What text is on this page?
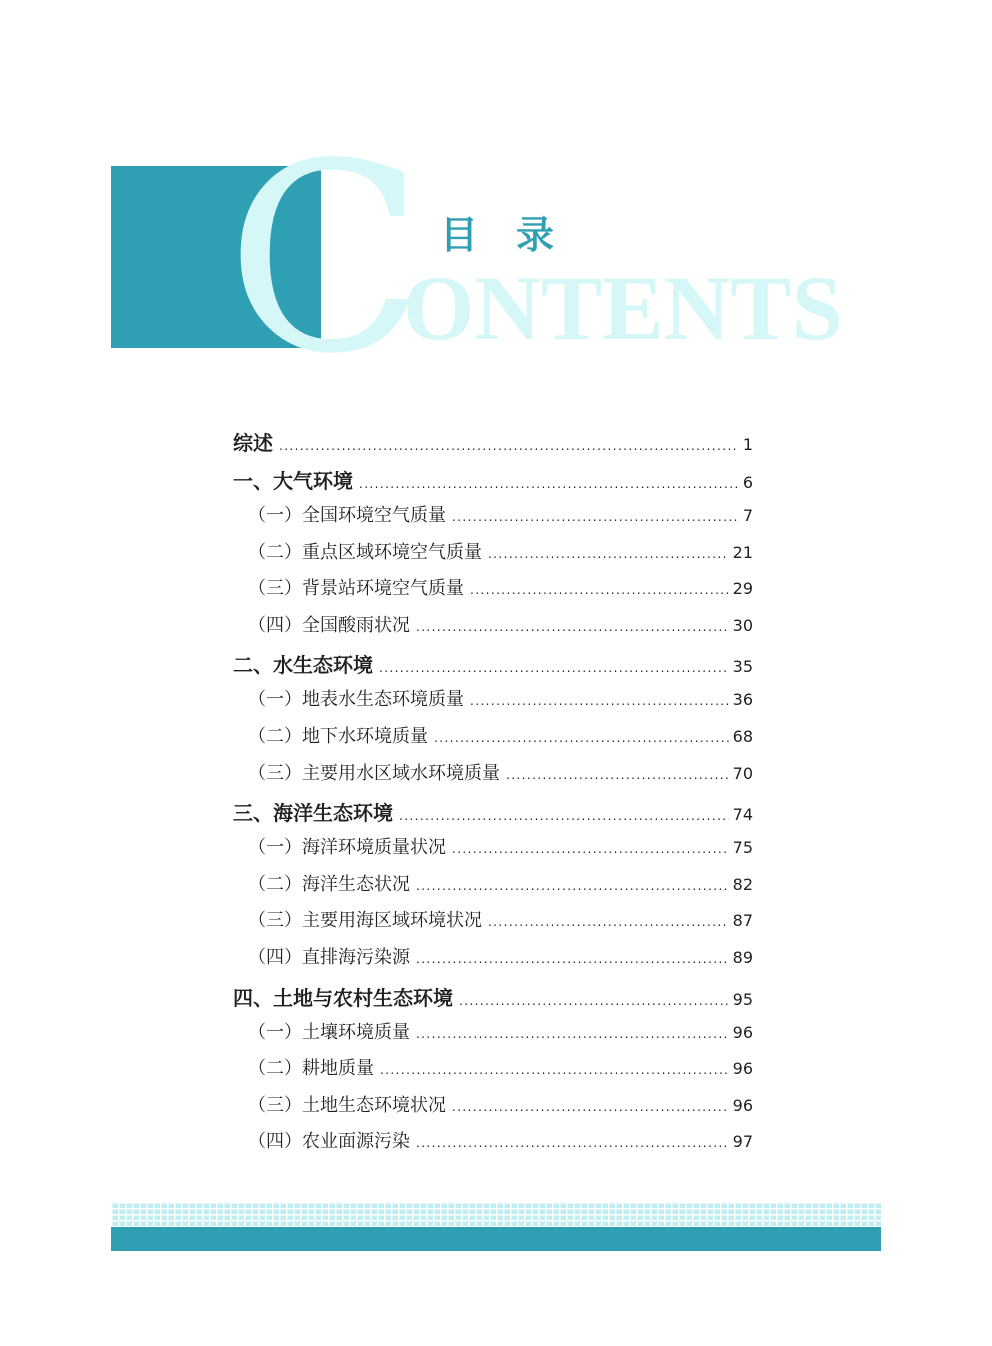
C
ONTENTS
目录
综述 .....	1
一、大气环境 .....	6
（一）全国环境空气质量 .....	7
（二）重点区域环境空气质量 .....	21
（三）背景站环境空气质量 .....	29
（四）全国酸雨状况 .....	30
二、水生态环境 .....	35
（一）地表水生态环境质量 .....	36
（二）地下水环境质量 .....	68
（三）主要用水区域水环境质量 .....	70
三、海洋生态环境 .....	74
（一）海洋环境质量状况 .....	75
（二）海洋生态状况 .....	82
（三）主要用海区域环境状况 .....	87
（四）直排海污染源 .....	89
四、土地与农村生态环境 .....	95
（一）土壤环境质量 .....	96
（二）耕地质量 .....	96
（三）土地生态环境状况 .....	96
（四）农业面源污染 .....	97
